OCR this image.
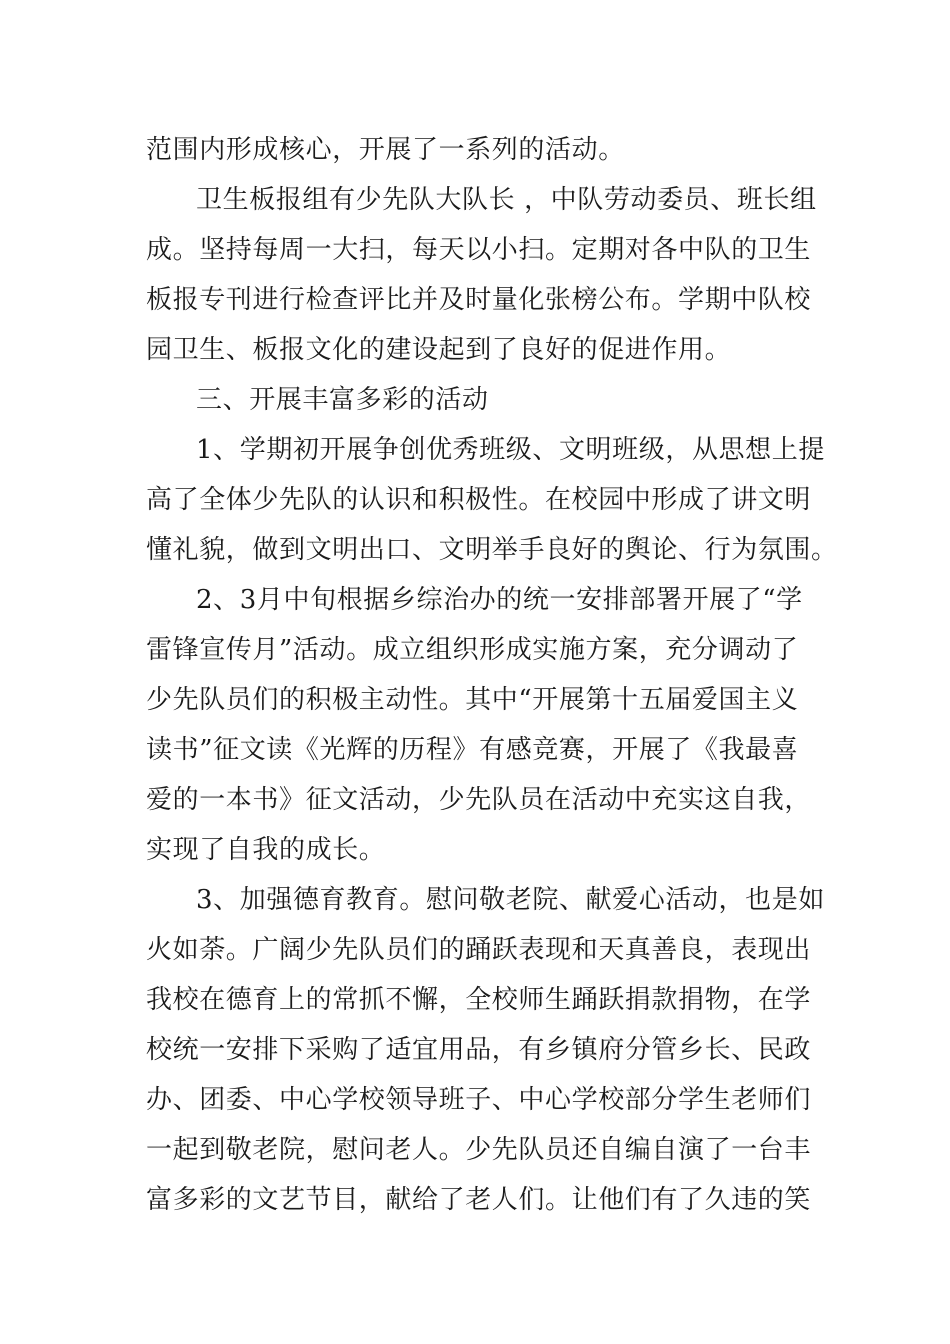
范围内形成核心，开展了一系列的活动。
卫生板报组有少先队大队长 ，中队劳动委员、班长组
成。坚持每周一大扫，每天以小扫。定期对各中队的卫生
板报专刊进行检查评比并及时量化张榜公布。学期中队校
园卫生、板报文化的建设起到了良好的促进作用。
三、开展丰富多彩的活动
1、学期初开展争创优秀班级、文明班级，从思想上提
高了全体少先队的认识和积极性。在校园中形成了讲文明
懂礼貌，做到文明出口、文明举手良好的舆论、行为氛围。
2、3月中旬根据乡综治办的统一安排部署开展了“学
雷锋宣传月”活动。成立组织形成实施方案，充分调动了
少先队员们的积极主动性。其中“开展第十五届爱国主义
读书”征文读《光辉的历程》有感竞赛，开展了《我最喜
爱的一本书》征文活动，少先队员在活动中充实这自我，
实现了自我的成长。
3、加强德育教育。慰问敬老院、献爱心活动，也是如
火如荼。广阔少先队员们的踊跃表现和天真善良，表现出
我校在德育上的常抓不懈，全校师生踊跃捐款捐物，在学
校统一安排下采购了适宜用品，有乡镇府分管乡长、民政
办、团委、中心学校领导班子、中心学校部分学生老师们
一起到敬老院，慰问老人。少先队员还自编自演了一台丰
富多彩的文艺节目，献给了老人们。让他们有了久违的笑
